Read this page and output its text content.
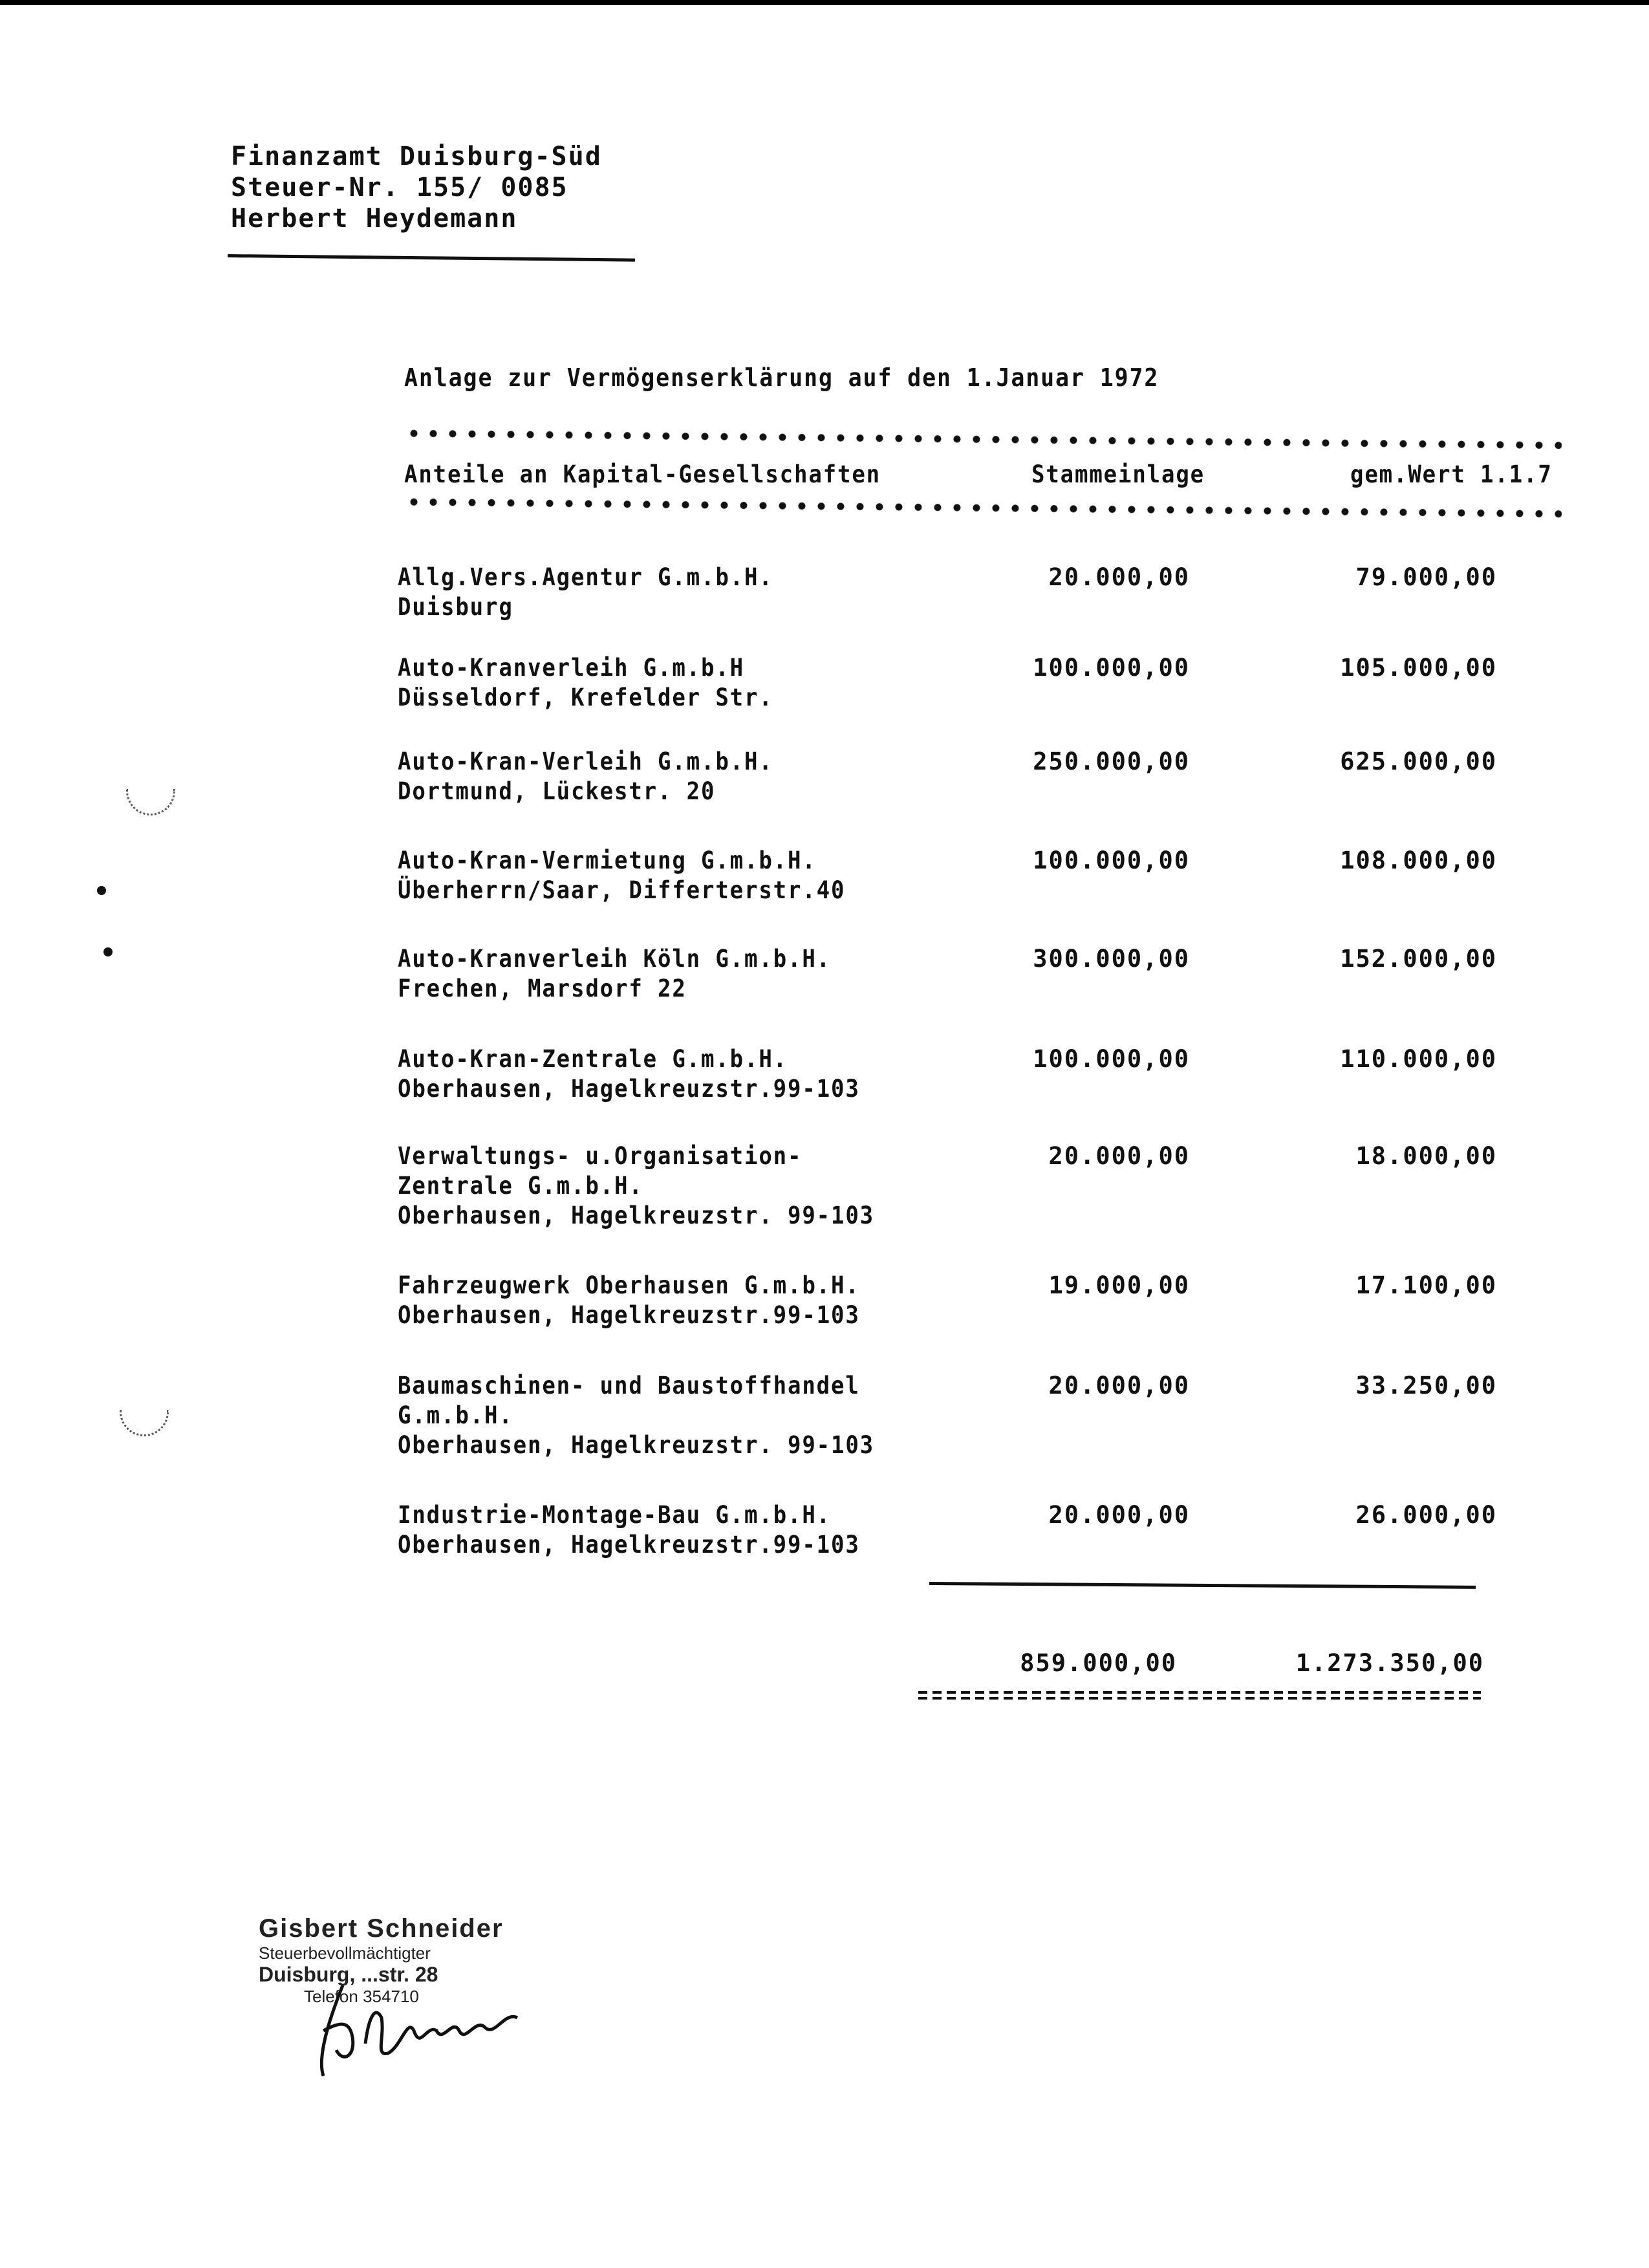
Finanzamt Duisburg-Süd
Steuer-Nr. 155/ 0085
Herbert Heydemann
Anlage zur Vermögenserklärung auf den 1.Januar 1972
Anteile an Kapital-Gesellschaften	Stammeinlage	gem.Wert 1.1.7
Allg.Vers.Agentur G.m.b.H.
Duisburg
20.000,00	79.000,00
Auto-Kranverleih G.m.b.H
Düsseldorf, Krefelder Str.
100.000,00	105.000,00
Auto-Kran-Verleih G.m.b.H.
Dortmund, Lückestr. 20
250.000,00	625.000,00
Auto-Kran-Vermietung G.m.b.H.
Überherrn/Saar, Differterstr.40
100.000,00	108.000,00
Auto-Kranverleih Köln G.m.b.H.
Frechen, Marsdorf 22
300.000,00	152.000,00
Auto-Kran-Zentrale G.m.b.H.
Oberhausen, Hagelkreuzstr.99-103
100.000,00	110.000,00
Verwaltungs- u.Organisation-
Zentrale G.m.b.H.
Oberhausen, Hagelkreuzstr. 99-103
20.000,00	18.000,00
Fahrzeugwerk Oberhausen G.m.b.H.
Oberhausen, Hagelkreuzstr.99-103
19.000,00	17.100,00
Baumaschinen- und Baustoffhandel
G.m.b.H.
Oberhausen, Hagelkreuzstr. 99-103
20.000,00	33.250,00
Industrie-Montage-Bau G.m.b.H.
Oberhausen, Hagelkreuzstr.99-103
20.000,00	26.000,00
859.000,00	1.273.350,00
Gisbert Schneider
Steuerbevollmächtigter
Duisburg, ...str. 28
Telefon 354710
